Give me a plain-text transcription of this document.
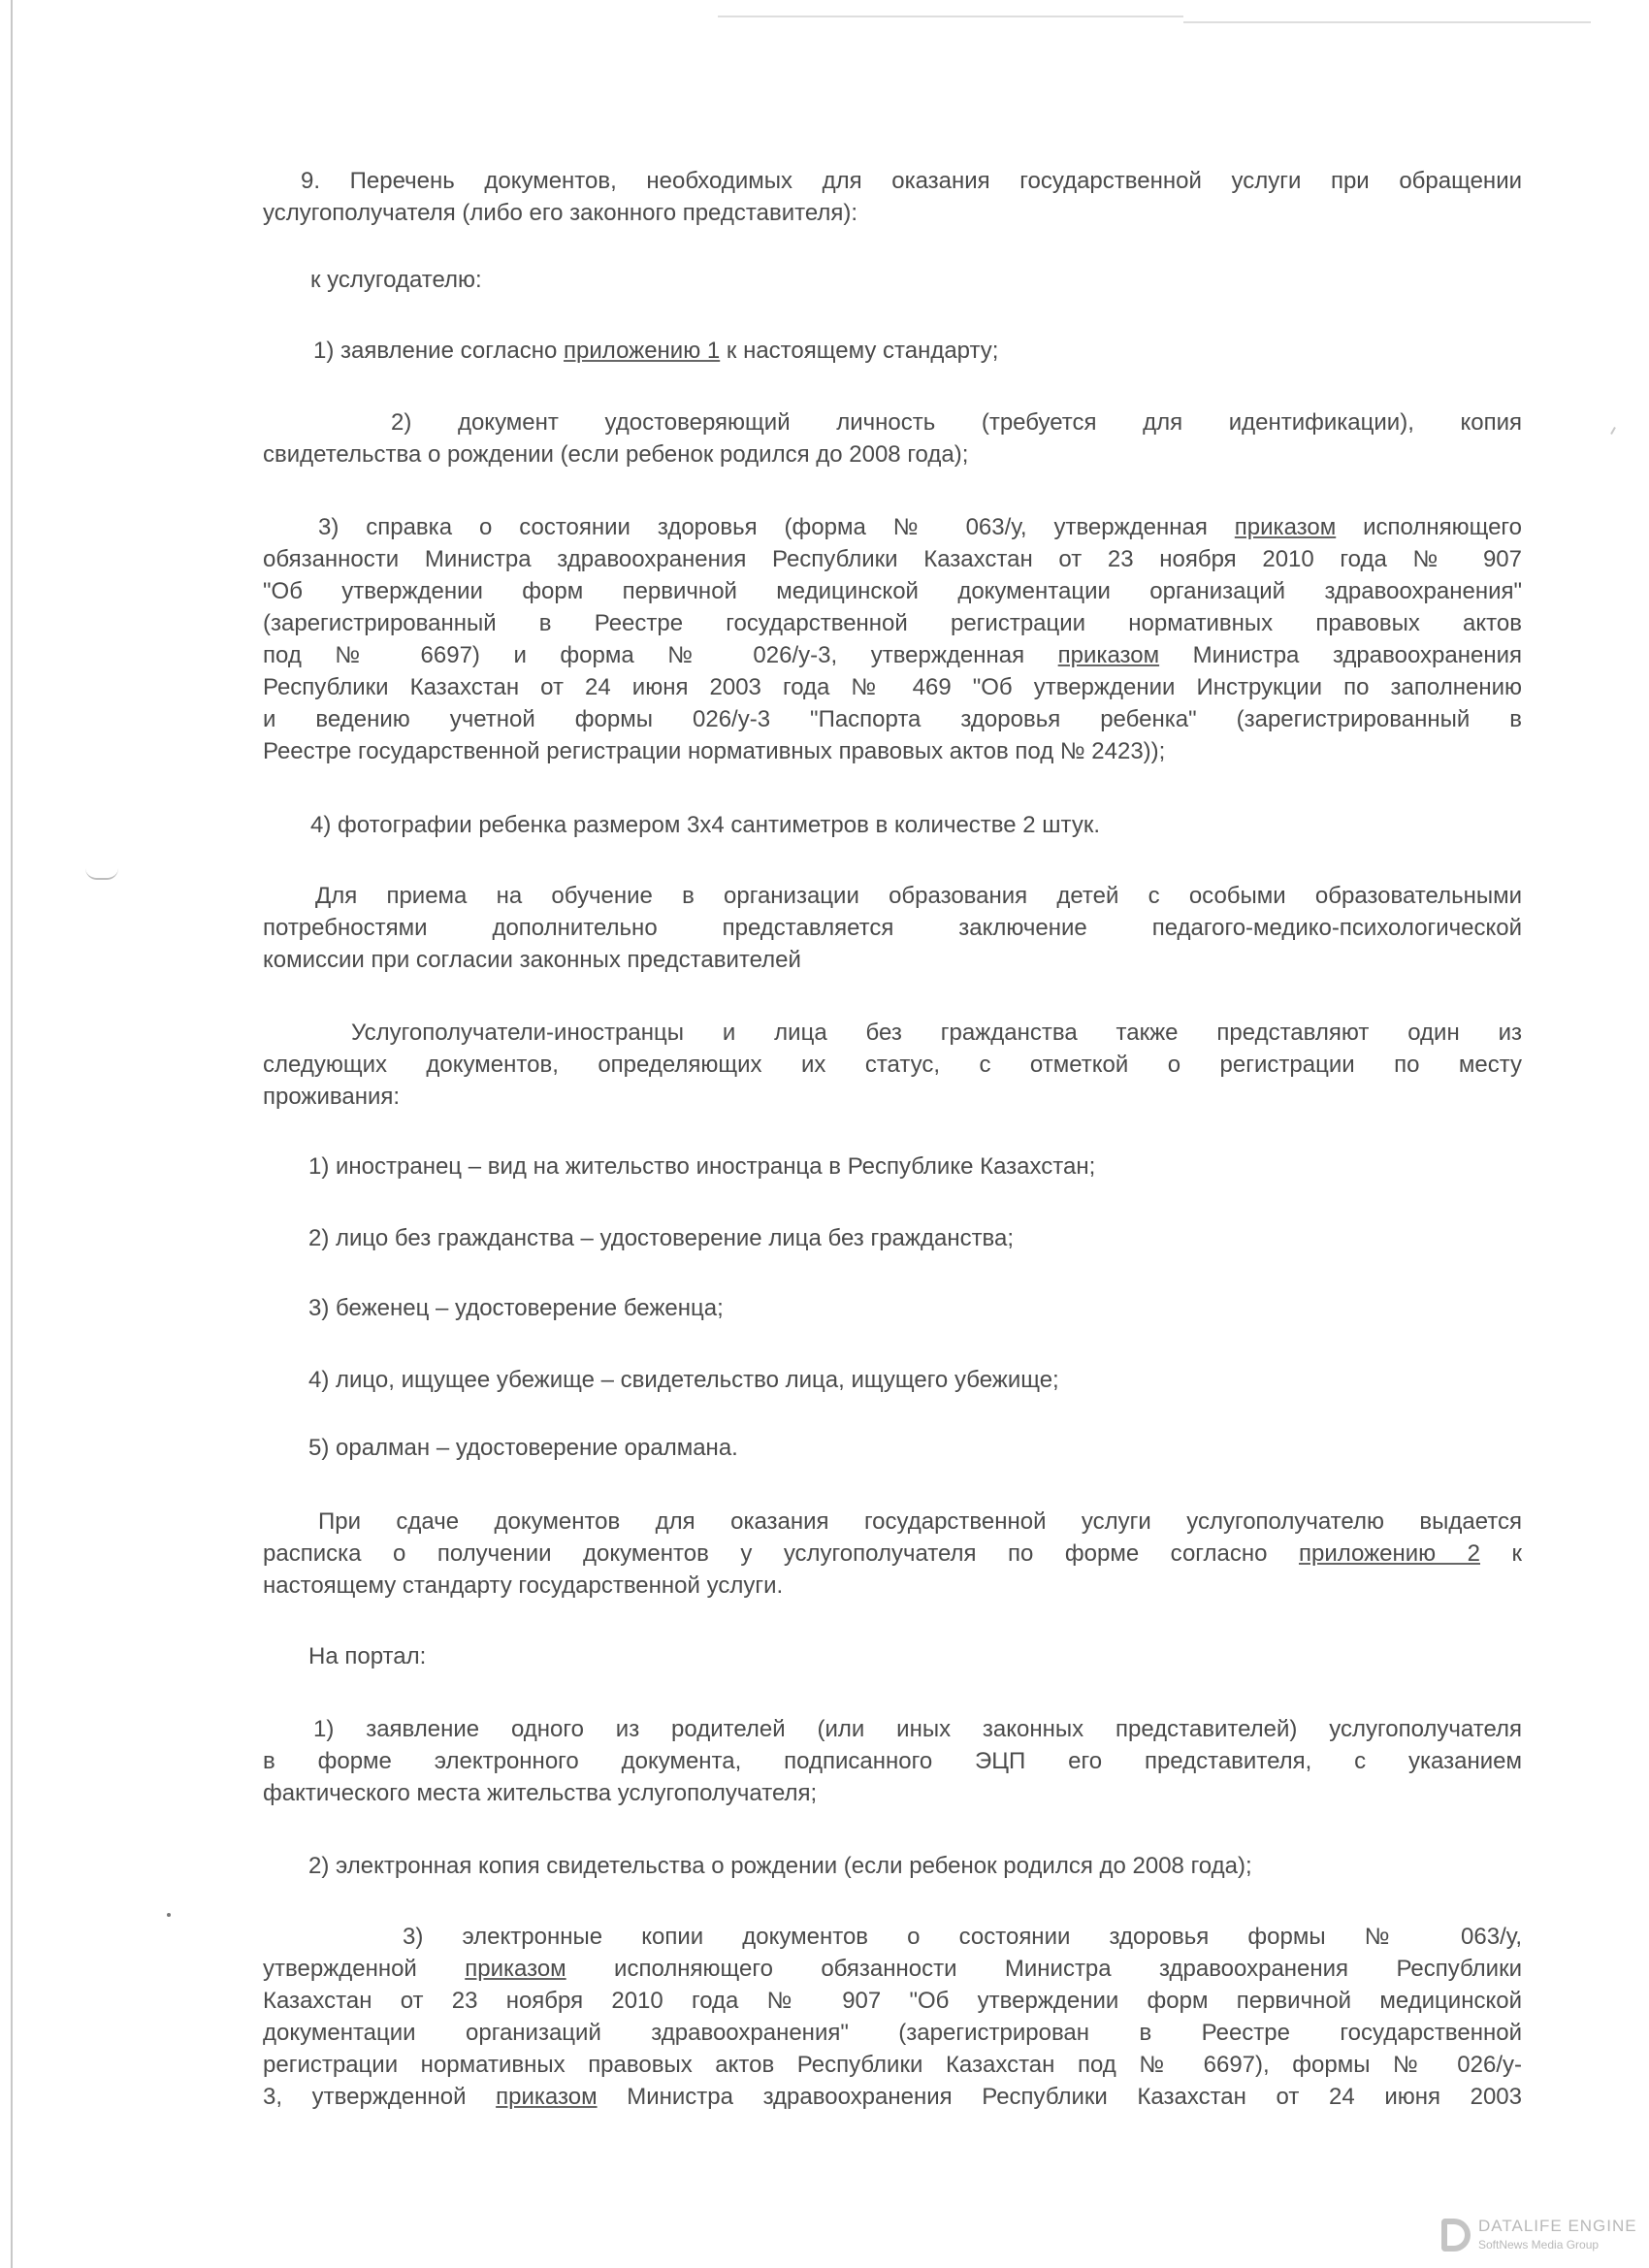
9. Перечень документов, необходимых для оказания государственной услуги при обращении
услугополучателя (либо его законного представителя):
к услугодателю:
1) заявление согласно приложению 1 к настоящему стандарту;
2) документ удостоверяющий личность (требуется для идентификации), копия
свидетельства о рождении (если ребенок родился до 2008 года);
3) справка о состоянии здоровья (форма № 063/у, утвержденная приказом исполняющего
обязанности Министра здравоохранения Республики Казахстан от 23 ноября 2010 года № 907
"Об утверждении форм первичной медицинской документации организаций здравоохранения"
(зарегистрированный в Реестре государственной регистрации нормативных правовых актов
под № 6697) и форма № 026/у-3, утвержденная приказом Министра здравоохранения
Республики Казахстан от 24 июня 2003 года № 469 "Об утверждении Инструкции по заполнению
и ведению учетной формы 026/у-3 "Паспорта здоровья ребенка" (зарегистрированный в
Реестре государственной регистрации нормативных правовых актов под № 2423));
4) фотографии ребенка размером 3х4 сантиметров в количестве 2 штук.
Для приема на обучение в организации образования детей с особыми образовательными
потребностями дополнительно представляется заключение педагого-медико-психологической
комиссии при согласии законных представителей
Услугополучатели-иностранцы и лица без гражданства также представляют один из
следующих документов, определяющих их статус, с отметкой о регистрации по месту
проживания:
1) иностранец – вид на жительство иностранца в Республике Казахстан;
2) лицо без гражданства – удостоверение лица без гражданства;
3) беженец – удостоверение беженца;
4) лицо, ищущее убежище – свидетельство лица, ищущего убежище;
5) оралман – удостоверение оралмана.
При сдаче документов для оказания государственной услуги услугополучателю выдается
расписка о получении документов у услугополучателя по форме согласно приложению 2 к
настоящему стандарту государственной услуги.
На портал:
1) заявление одного из родителей (или иных законных представителей) услугополучателя
в форме электронного документа, подписанного ЭЦП его представителя, с указанием
фактического места жительства услугополучателя;
2) электронная копия свидетельства о рождении (если ребенок родился до 2008 года);
3) электронные копии документов о состоянии здоровья формы № 063/у,
утвержденной приказом исполняющего обязанности Министра здравоохранения Республики
Казахстан от 23 ноября 2010 года № 907 "Об утверждении форм первичной медицинской
документации организаций здравоохранения" (зарегистрирован в Реестре государственной
регистрации нормативных правовых актов Республики Казахстан под № 6697), формы № 026/у-
3, утвержденной приказом Министра здравоохранения Республики Казахстан от 24 июня 2003
DATALIFE ENGINE
SoftNews Media Group
